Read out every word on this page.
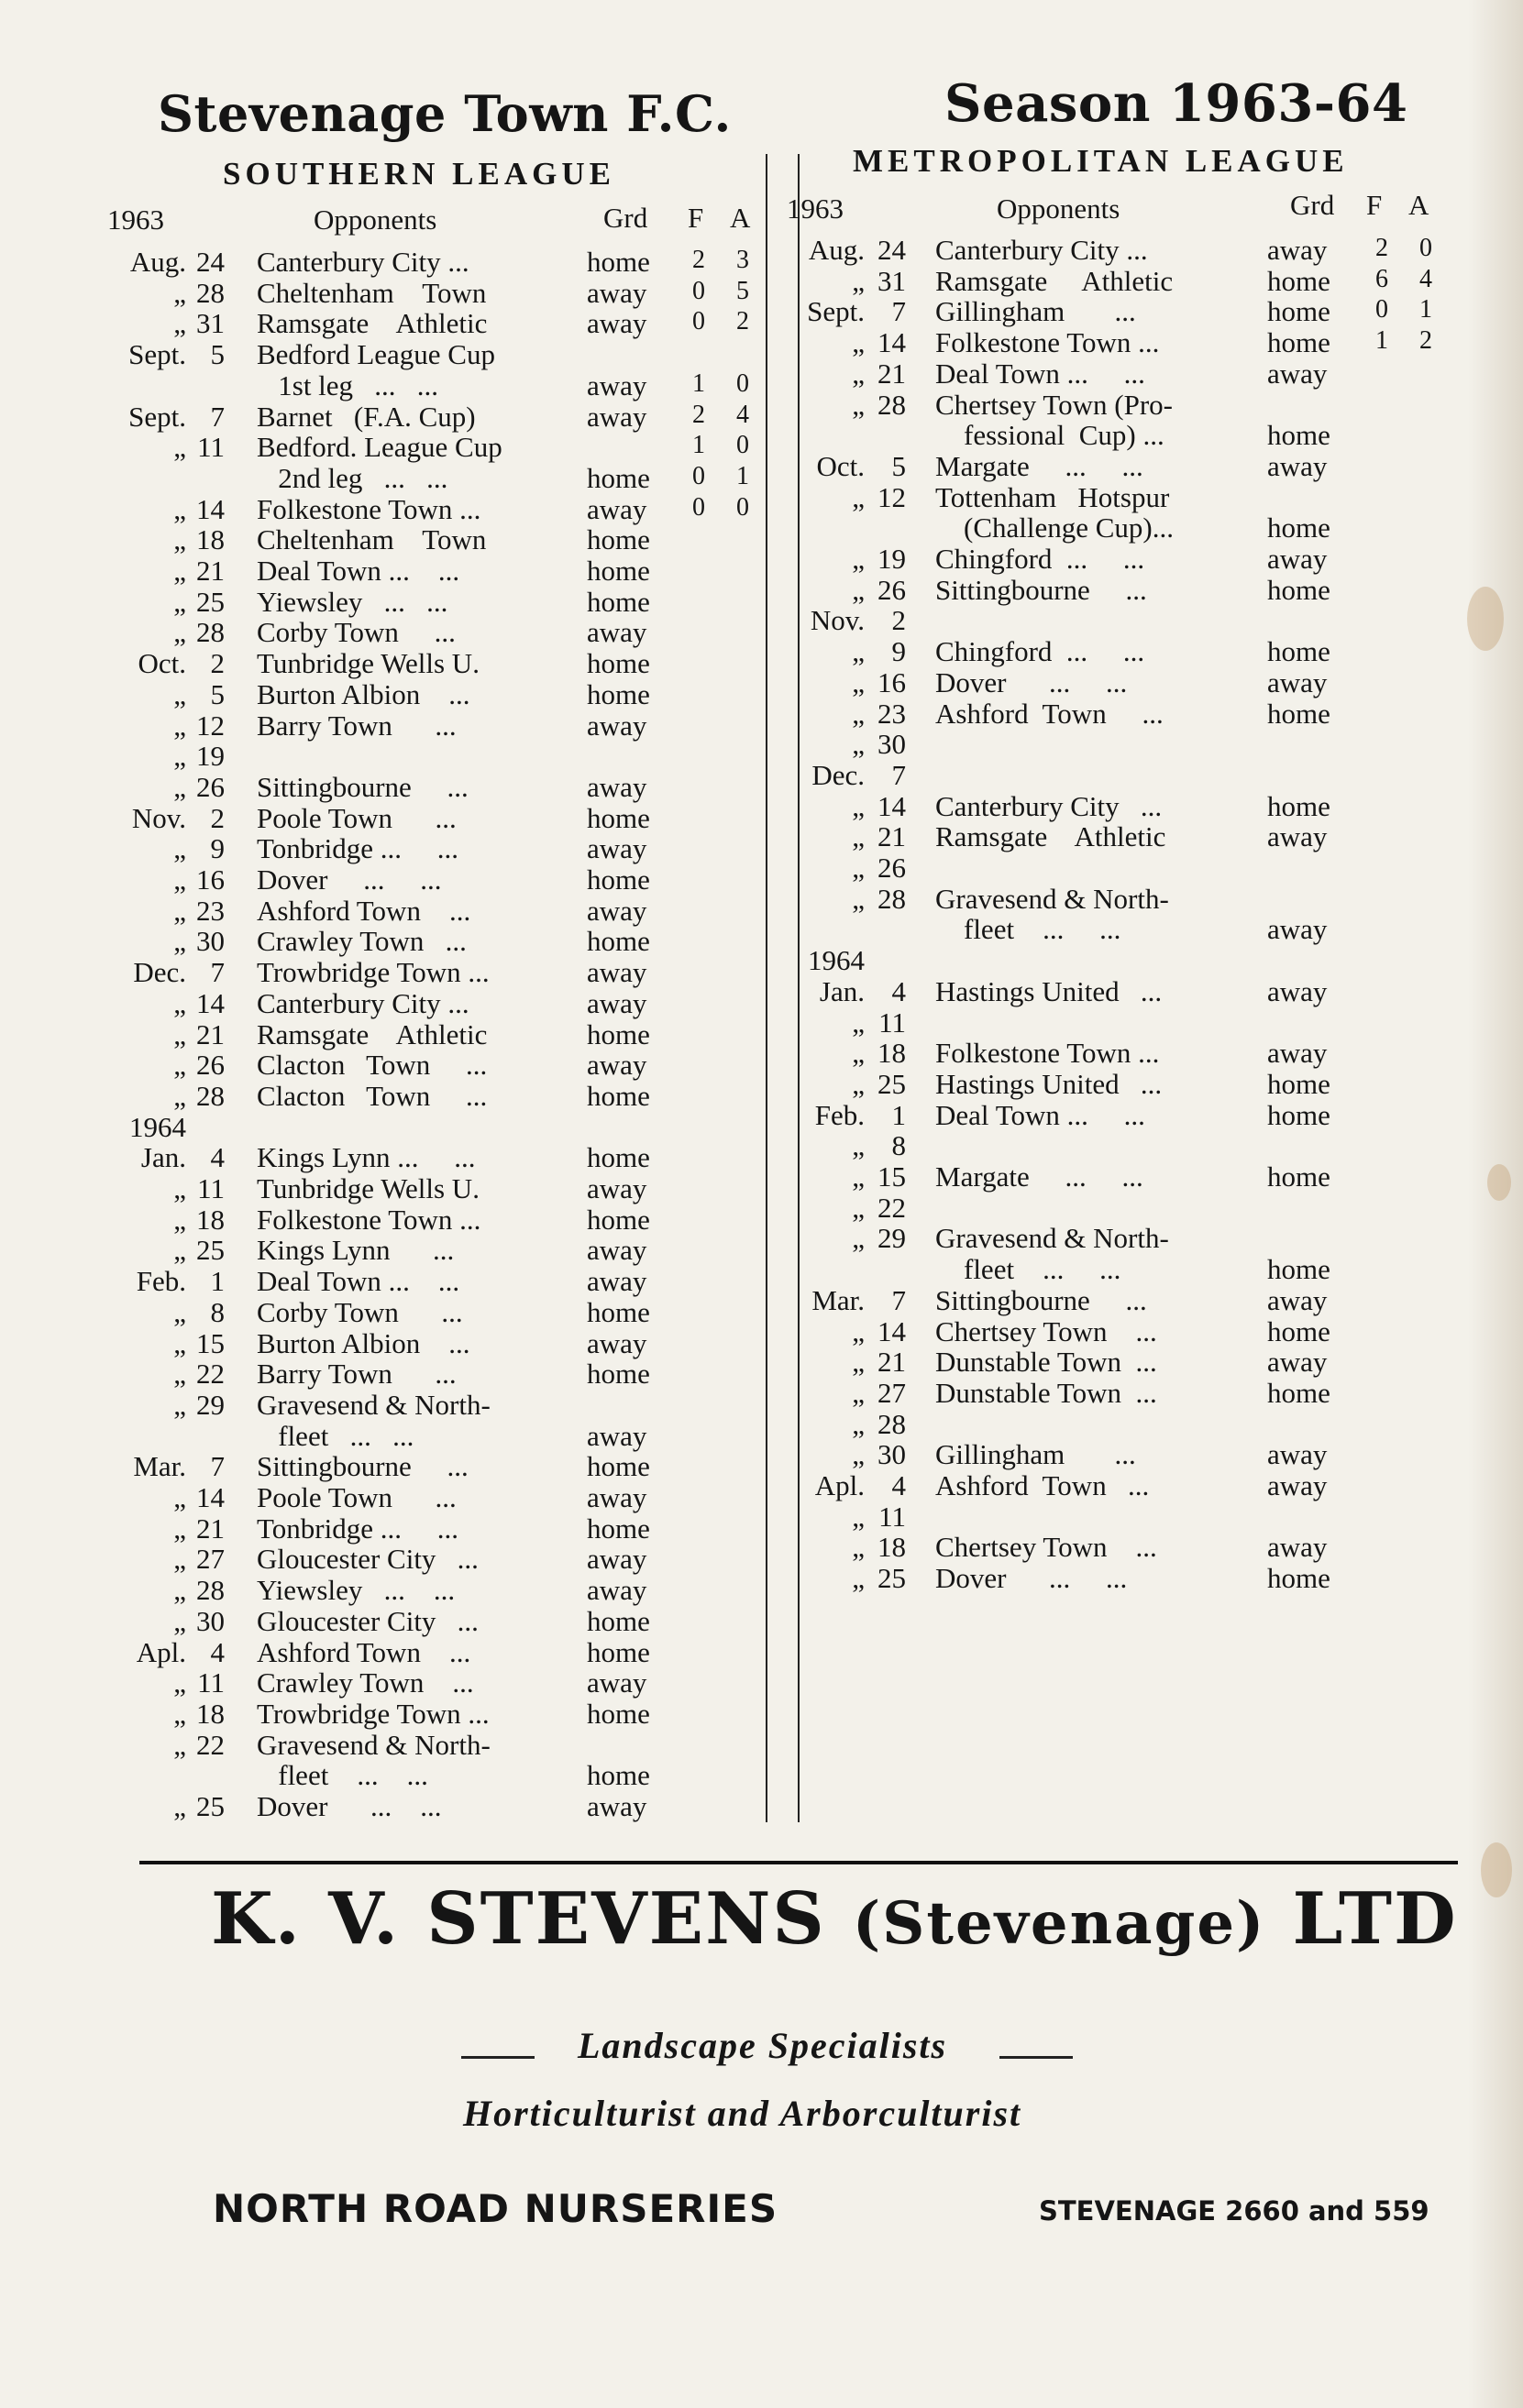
Stevenage Town F.C.	Season 1963-64
SOUTHERN LEAGUE	METROPOLITAN LEAGUE
1963	Opponents	Grd F A 1963	Opponents	Grd F A
Aug. 24 Canterbury City ...	home 2 3
„ 28 Cheltenham    Town	away 0 5
„ 31 Ramsgate    Athletic	away 0 2
Sept. 5 Bedford League Cup
1st leg   ...   ...	away 1 0
Sept. 7 Barnet   (F.A. Cup)	away 2 4
„ 11 Bedford. League Cup	1 0
2nd leg   ...   ...	home 0 1
„ 14 Folkestone Town ...	away 0 0
„ 18 Cheltenham    Town	home
„ 21 Deal Town ...    ...	home
„ 25 Yiewsley   ...   ...	home
„ 28 Corby Town     ...	away
Oct. 2 Tunbridge Wells U.	home
„ 5 Burton Albion    ...	home
„ 12 Barry Town      ...	away
„ 19
„ 26 Sittingbourne     ...	away
Nov. 2 Poole Town      ...	home
„ 9 Tonbridge ...     ...	away
„ 16 Dover     ...     ...	home
„ 23 Ashford Town    ...	away
„ 30 Crawley Town   ...	home
Dec. 7 Trowbridge Town ...	away
„ 14 Canterbury City ...	away
„ 21 Ramsgate    Athletic	home
„ 26 Clacton   Town     ...	away
„ 28 Clacton   Town     ...	home
1964
Jan. 4 Kings Lynn ...     ...	home
„ 11 Tunbridge Wells U.	away
„ 18 Folkestone Town ...	home
„ 25 Kings Lynn      ...	away
Feb. 1 Deal Town ...    ...	away
„ 8 Corby Town      ...	home
„ 15 Burton Albion    ...	away
„ 22 Barry Town      ...	home
„ 29 Gravesend & North-
fleet   ...   ...	away
Mar. 7 Sittingbourne     ...	home
„ 14 Poole Town      ...	away
„ 21 Tonbridge ...     ...	home
„ 27 Gloucester City   ...	away
„ 28 Yiewsley   ...    ...	away
„ 30 Gloucester City   ...	home
Apl. 4 Ashford Town    ...	home
„ 11 Crawley Town    ...	away
„ 18 Trowbridge Town ...	home
„ 22 Gravesend & North-
fleet    ...    ...	home
„ 25 Dover      ...    ...	away
Aug. 24 Canterbury City ...	away 2 0
„ 31 Ramsgate     Athletic	home 6 4
Sept. 7 Gillingham       ...	home 0 1
„ 14 Folkestone Town ...	home 1 2
„ 21 Deal Town ...     ...	away
„ 28 Chertsey Town (Pro-
fessional  Cup) ...	home
Oct. 5 Margate     ...     ...	away
„ 12 Tottenham   Hotspur
(Challenge Cup)...	home
„ 19 Chingford  ...     ...	away
„ 26 Sittingbourne     ...	home
Nov. 2
„ 9 Chingford  ...     ...	home
„ 16 Dover      ...     ...	away
„ 23 Ashford  Town     ...	home
„ 30
Dec. 7
„ 14 Canterbury City   ...	home
„ 21 Ramsgate    Athletic	away
„ 26
„ 28 Gravesend & North-
fleet    ...     ...	away
1964
Jan. 4 Hastings United   ...	away
„ 11
„ 18 Folkestone Town ...	away
„ 25 Hastings United   ...	home
Feb. 1 Deal Town ...     ...	home
„ 8
„ 15 Margate     ...     ...	home
„ 22
„ 29 Gravesend & North-
fleet    ...     ...	home
Mar. 7 Sittingbourne     ...	away
„ 14 Chertsey Town    ...	home
„ 21 Dunstable Town  ...	away
„ 27 Dunstable Town  ...	home
„ 28
„ 30 Gillingham       ...	away
Apl. 4 Ashford  Town   ...	away
„ 11
„ 18 Chertsey Town    ...	away
„ 25 Dover      ...     ...	home
K. V. STEVENS (Stevenage) LTD
Landscape Specialists
Horticulturist and Arborculturist
NORTH ROAD NURSERIES	STEVENAGE 2660 and 559
